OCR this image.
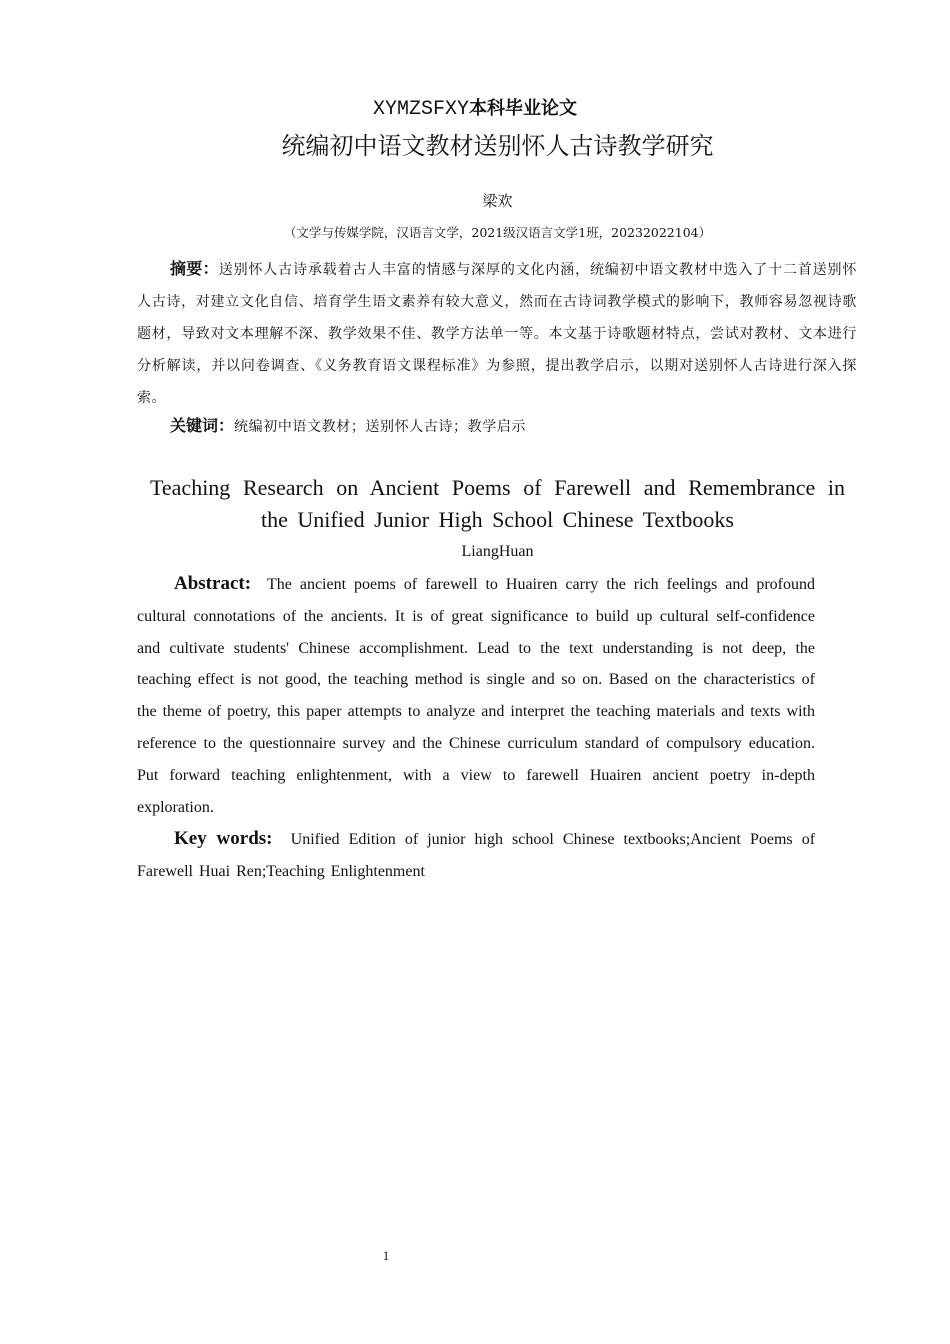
XYMZSFXY本科毕业论文
统编初中语文教材送别怀人古诗教学研究
梁欢
（文学与传媒学院，汉语言文学，2021级汉语言文学1班，20232022104）
摘要：送别怀人古诗承载着古人丰富的情感与深厚的文化内涵，统编初中语文教材中选入了十二首送别怀人古诗，对建立文化自信、培育学生语文素养有较大意义，然而在古诗词教学模式的影响下，教师容易忽视诗歌题材，导致对文本理解不深、教学效果不佳、教学方法单一等。本文基于诗歌题材特点，尝试对教材、文本进行分析解读，并以问卷调查、《义务教育语文课程标准》为参照，提出教学启示，以期对送别怀人古诗进行深入探索。
关键词：统编初中语文教材；送别怀人古诗；教学启示
Teaching Research on Ancient Poems of Farewell and Remembrance in the Unified Junior High School Chinese Textbooks
LiangHuan
Abstract: The ancient poems of farewell to Huairen carry the rich feelings and profound cultural connotations of the ancients. It is of great significance to build up cultural self-confidence and cultivate students' Chinese accomplishment. Lead to the text understanding is not deep, the teaching effect is not good, the teaching method is single and so on. Based on the characteristics of the theme of poetry, this paper attempts to analyze and interpret the teaching materials and texts with reference to the questionnaire survey and the Chinese curriculum standard of compulsory education. Put forward teaching enlightenment, with a view to farewell Huairen ancient poetry in-depth exploration.
Key words: Unified Edition of junior high school Chinese textbooks;Ancient Poems of Farewell Huai Ren;Teaching Enlightenment
1
